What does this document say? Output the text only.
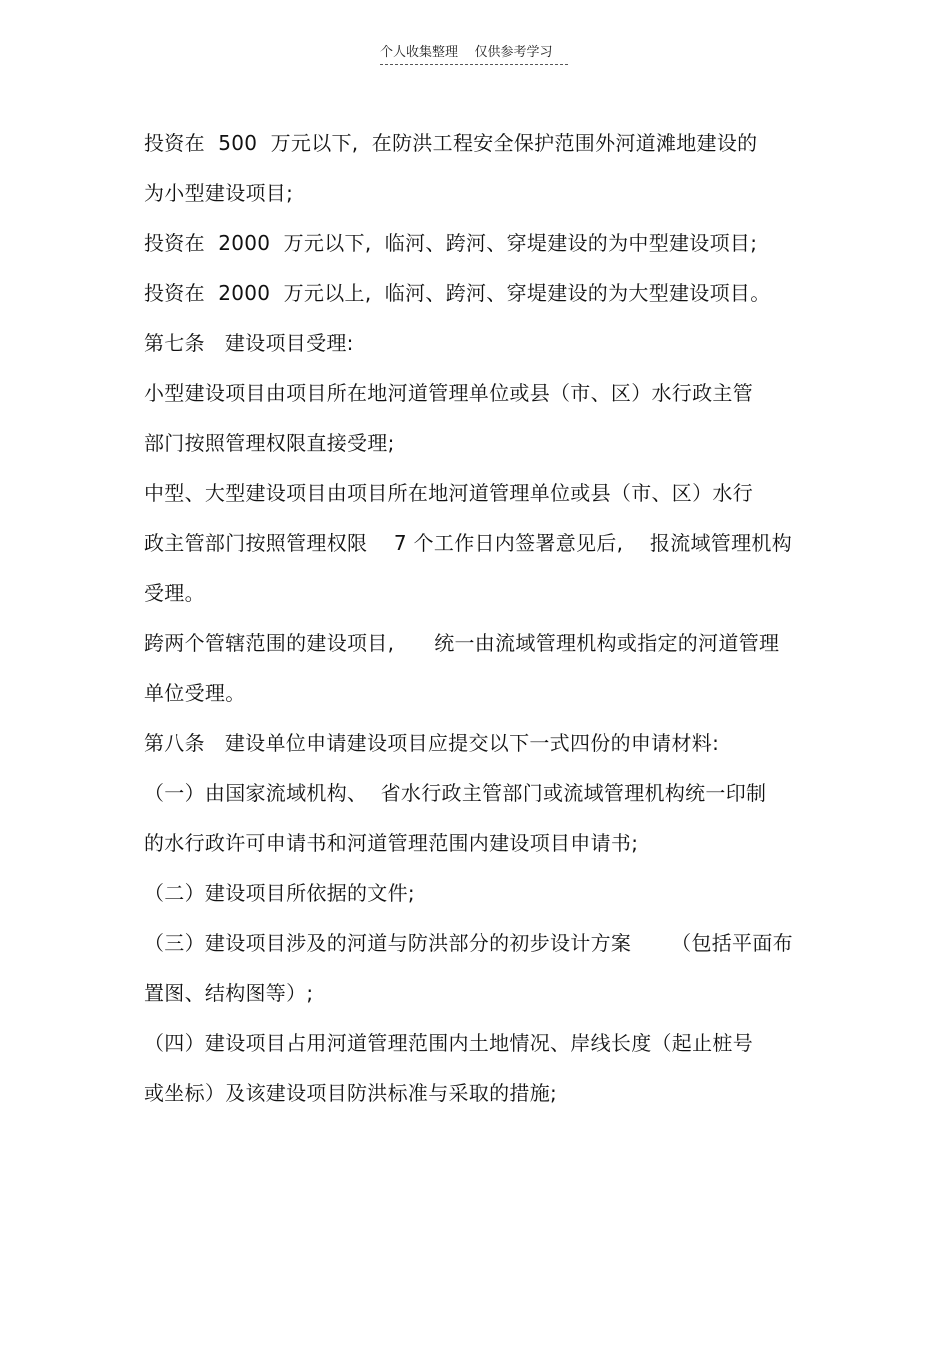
个人收集整理    仅供参考学习
投资在  500  万元以下,  在防洪工程安全保护范围外河道滩地建设的
为小型建设项目;
投资在  2000  万元以下,  临河、跨河、穿堤建设的为中型建设项目;
投资在  2000  万元以上,  临河、跨河、穿堤建设的为大型建设项目。
第七条   建设项目受理:
小型建设项目由项目所在地河道管理单位或县（市、区）水行政主管
部门按照管理权限直接受理;
中型、大型建设项目由项目所在地河道管理单位或县（市、区）水行
政主管部门按照管理权限    7 个工作日内签署意见后,    报流域管理机构
受理。
跨两个管辖范围的建设项目,      统一由流域管理机构或指定的河道管理
单位受理。
第八条   建设单位申请建设项目应提交以下一式四份的申请材料:
（一）由国家流域机构、  省水行政主管部门或流域管理机构统一印制
的水行政许可申请书和河道管理范围内建设项目申请书;
（二）建设项目所依据的文件;
（三）建设项目涉及的河道与防洪部分的初步设计方案      （包括平面布
置图、结构图等）;
（四）建设项目占用河道管理范围内土地情况、岸线长度（起止桩号
或坐标）及该建设项目防洪标准与采取的措施;
